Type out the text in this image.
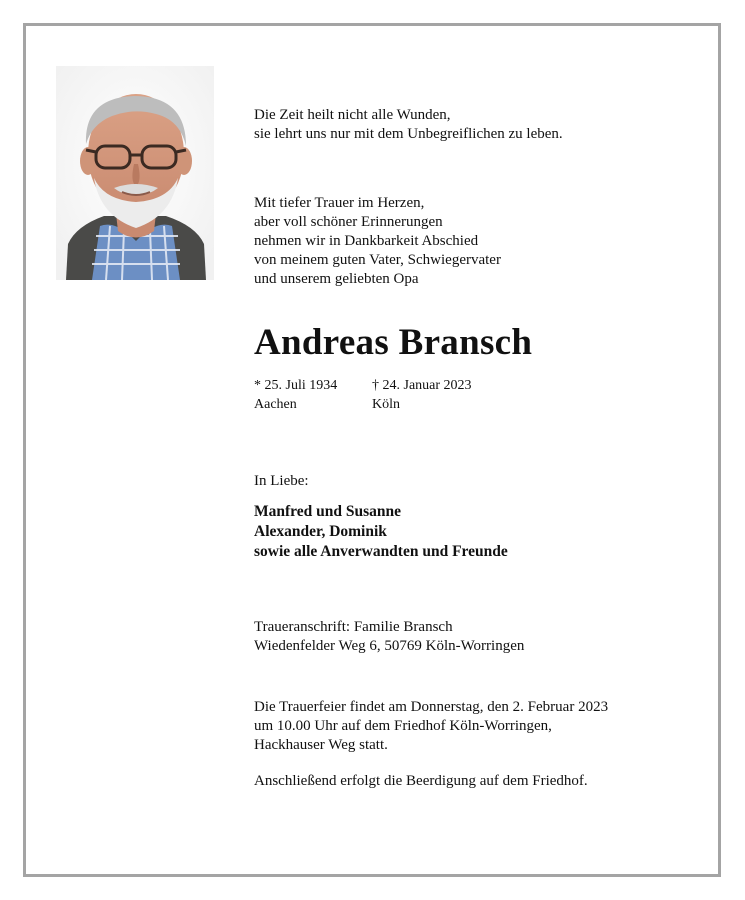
Die Zeit heilt nicht alle Wunden,
sie lehrt uns nur mit dem Unbegreiflichen zu leben.
Mit tiefer Trauer im Herzen,
aber voll schöner Erinnerungen
nehmen wir in Dankbarkeit Abschied
von meinem guten Vater, Schwiegervater
und unserem geliebten Opa
Andreas Bransch
* 25. Juli 1934
Aachen
† 24. Januar 2023
Köln
In Liebe:
Manfred und Susanne
Alexander, Dominik
sowie alle Anverwandten und Freunde
Traueranschrift: Familie Bransch
Wiedenfelder Weg 6, 50769 Köln-Worringen
Die Trauerfeier findet am Donnerstag, den 2. Februar 2023
um 10.00 Uhr auf dem Friedhof Köln-Worringen,
Hackhauser Weg statt.
Anschließend erfolgt die Beerdigung auf dem Friedhof.
